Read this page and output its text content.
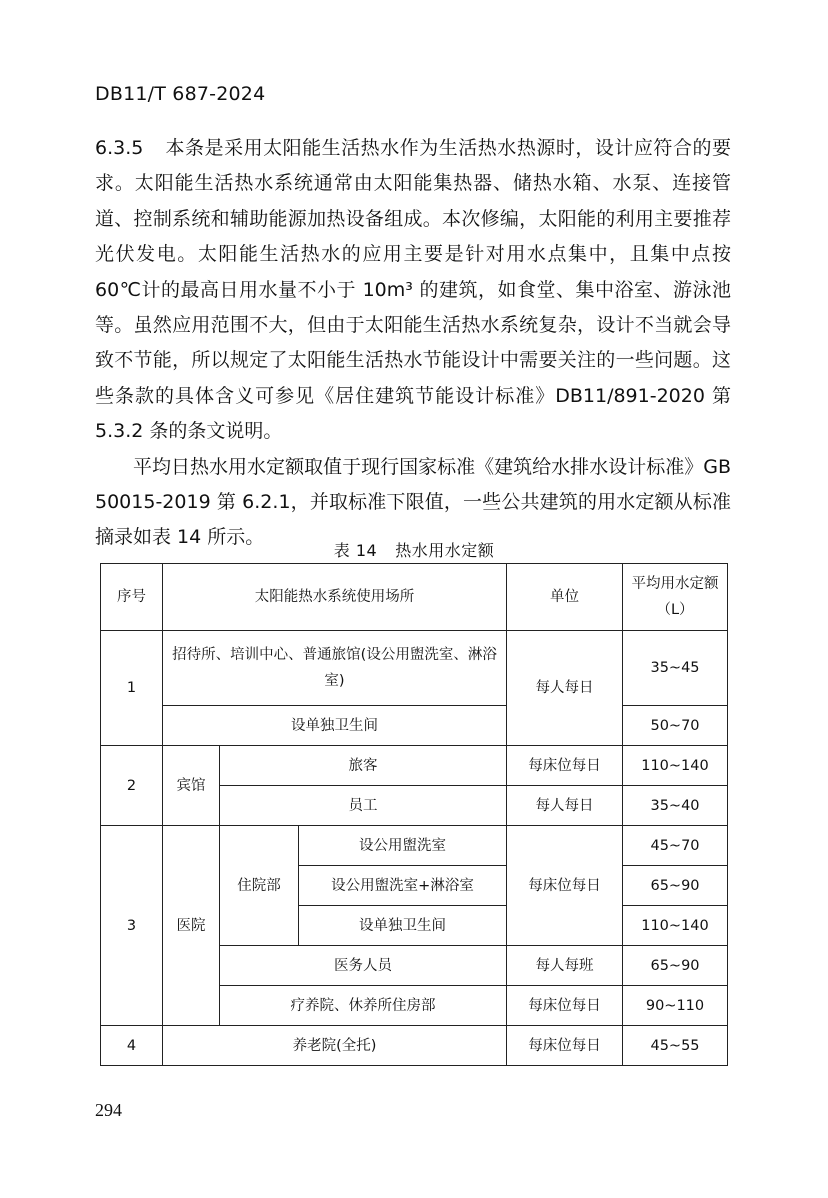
DB11/T 687-2024

6.3.5 本条是采用太阳能生活热水作为生活热水热源时，设计应符合的要求。太阳能生活热水系统通常由太阳能集热器、储热水箱、水泵、连接管道、控制系统和辅助能源加热设备组成。本次修编，太阳能的利用主要推荐光伏发电。太阳能生活热水的应用主要是针对用水点集中，且集中点按 60℃计的最高日用水量不小于 10m³ 的建筑，如食堂、集中浴室、游泳池等。虽然应用范围不大，但由于太阳能生活热水系统复杂，设计不当就会导致不节能，所以规定了太阳能生活热水节能设计中需要关注的一些问题。这些条款的具体含义可参见《居住建筑节能设计标准》DB11/891-2020 第 5.3.2 条的条文说明。

平均日热水用水定额取值于现行国家标准《建筑给水排水设计标准》GB 50015-2019 第 6.2.1，并取标准下限值，一些公共建筑的用水定额从标准摘录如表 14 所示。

表 14 热水用水定额
序号	太阳能热水系统使用场所			单位	平均用水定额（L）
1	招待所、培训中心、普通旅馆(设公用盥洗室、淋浴室)			每人每日	35~45
	设单独卫生间				50~70
2	宾馆	旅客		每床位每日	110~140
		员工		每人每日	35~40
3	医院	住院部	设公用盥洗室	每床位每日	45~70
			设公用盥洗室+淋浴室		65~90
			设单独卫生间		110~140
		医务人员		每人每班	65~90
		疗养院、休养所住房部		每床位每日	90~110
4	养老院(全托)			每床位每日	45~55
294
